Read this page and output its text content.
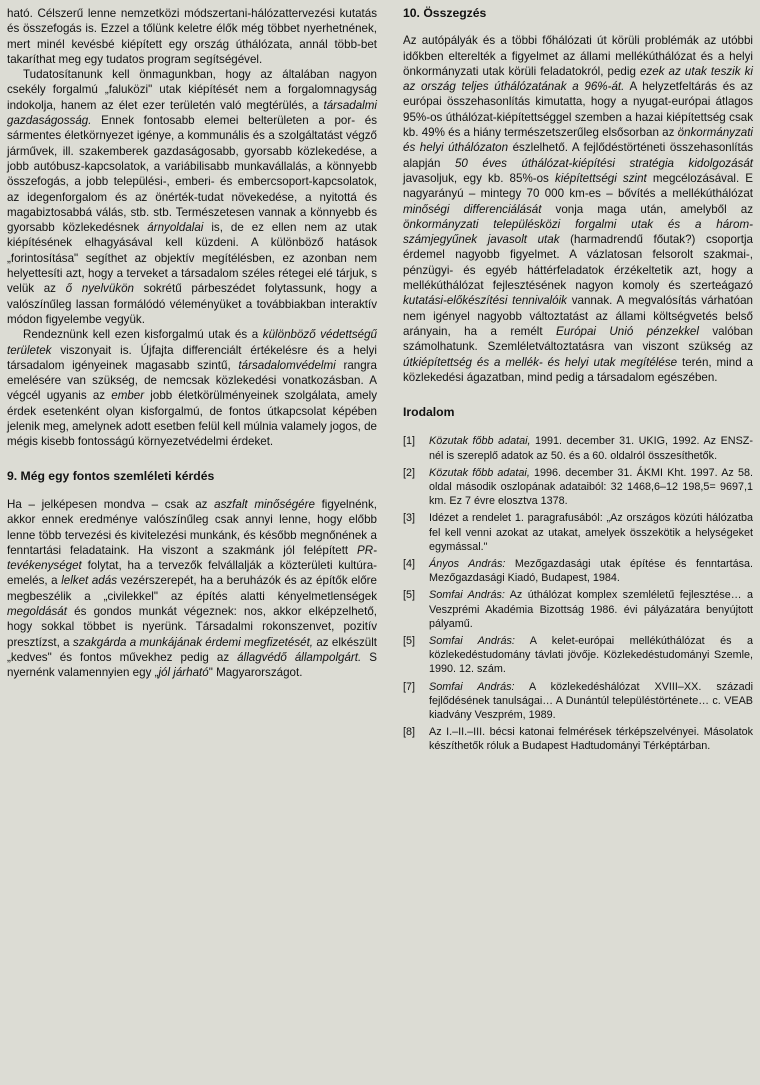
ható. Célszerű lenne nemzetközi módszertani-hálózattervezési kutatás és összefogás is. Ezzel a tőlünk keletre élők még többet nyerhetnének, mert minél kevésbé kiépített egy ország úthálózata, annál több-bet takaríthat meg egy tudatos program segítségével.

Tudatosítanunk kell önmagunkban, hogy az általában nagyon csekély forgalmú „faluközi" utak kiépítését nem a forgalomnagyság indokolja, hanem az élet ezer területén való megtérülés, a társadalmi gazdaságosság. Ennek fontosabb elemei belterületen a por- és sármentes életkörnyezet igénye, a kommunális és a szolgáltatást végző járművek, ill. szakemberek gazdaságosabb, gyorsabb közlekedése, a jobb autóbusz-kapcsolatok, a variábilisabb munkavállalás, a könnyebb összefogás, a jobb települési-, emberi- és embercsoport-kapcsolatok, az idegenforgalom és az önérték-tudat növekedése, a nyitottá és magabiztosabbá válás, stb. stb. Természetesen vannak a könnyebb és gyorsabb közlekedésnek árnyoldalai is, de ez ellen nem az utak kiépítésének elhagyásával kell küzdeni. A különböző hatások „forintosítása" segíthet az objektív megítélésben, ez azonban nem helyettesíti azt, hogy a terveket a társadalom széles rétegei elé tárjuk, s velük az ő nyelvükön sokrétű párbeszédet folytassunk, hogy a valószínűleg lassan formálódó véleményüket a továbbiakban interaktív módon figyelembe vegyük.

Rendeznünk kell ezen kisforgalmú utak és a különböző védettségű területek viszonyait is. Újfajta differenciált értékelésre és a helyi társadalom igényeinek magasabb szintű, társadalomvédelmi rangra emelésére van szükség, de nemcsak közlekedési vonatkozásban. A végcél ugyanis az ember jobb életkörülményeinek szolgálata, amely érdek esetenként olyan kisforgalmú, de fontos útkapcsolat képében jelenik meg, amelynek adott esetben felül kell múlnia valamely jogos, de mégis kisebb fontosságú környezetvédelmi érdeket.

9. Még egy fontos szemléleti kérdés

Ha – jelképesen mondva – csak az aszfalt minőségére figyelnénk, akkor ennek eredménye valószínűleg csak annyi lenne, hogy előbb lenne több tervezési és kivitelezési munkánk, és később megnőnének a fenntartási feladataink. Ha viszont a szakmánk jól felépített PR-tevékenységet folytat, ha a tervezők felvállalják a közterületi kultúra-emelés, a lelket adás vezérszerepét, ha a beruházók és az építők előre megbeszélik a „civilekkel" az építés alatti kényelmetlenségek megoldását és gondos munkát végeznek: nos, akkor elképzelhető, hogy sokkal többet is nyerünk. Társadalmi rokonszenvet, pozitív presztízst, a szakgárda a munkájának érdemi megfizetését, az elkészült „kedves" és fontos művekhez pedig az állagvédő állampolgárt. S nyernénk valamennyien egy „jól járható" Magyarországot.

10. Összegzés

Az autópályák és a többi főhálózati út körüli problémák az utóbbi időkben elterelték a figyelmet az állami mellékúthálózat és a helyi önkormányzati utak körüli feladatokról, pedig ezek az utak teszik ki az ország teljes úthálózatának a 96%-át. A helyzetfeltárás és az európai összehasonlítás kimutatta, hogy a nyugat-európai átlagos 95%-os úthálózat-kiépítettséggel szemben a hazai kiépítettség csak kb. 49% és a hiány természetszerűleg elsősorban az önkormányzati és helyi úthálózaton észlelhető. A fejlődéstörténeti összehasonlítás alapján 50 éves úthálózat-kiépítési stratégia kidolgozását javasoljuk, egy kb. 85%-os kiépítettségi szint megcélozásával. E nagyarányú – mintegy 70 000 km-es – bővítés a mellékúthálózat minőségi differenciálását vonja maga után, amelyből az önkormányzati településközi forgalmi utak és a három-számjegyűnek javasolt utak (harmadrendű főutak?) csoportja érdemel nagyobb figyelmet. A vázlatosan felsorolt szakmai-, pénzügyi- és egyéb háttérfeladatok érzékeltetik azt, hogy a mellékúthálózat fejlesztésének nagyon komoly és szerteágazó kutatási-előkészítési tennivalóik vannak. A megvalósítás várhatóan nem igényel nagyobb változtatást az állami költségvetés belső arányain, ha a remélt Európai Unió pénzekkel valóban számolhatunk. Szemléletváltoztatásra van viszont szükség az útkiépítettség és a mellék- és helyi utak megítélése terén, mind a közlekedési ágazatban, mind pedig a társadalom egészében.

Irodalom
[1] Közutak főbb adatai, 1991. december 31. UKIG, 1992. Az ENSZ-nél is szereplő adatok az 50. és a 60. oldalról összesíthetők.
[2] Közutak főbb adatai, 1996. december 31. ÁKMI Kht. 1997. Az 58. oldal második oszlopának adataiból: 32 1468,6–12 198,5= 9697,1 km. Ez 7 évre elosztva 1378.
[3] Idézet a rendelet 1. paragrafusából: „Az országos közúti hálózatba fel kell venni azokat az utakat, amelyek összekötik a helységeket egymással."
[4] Ányos András: Mezőgazdasági utak építése és fenntartása. Mezőgazdasági Kiadó, Budapest, 1984.
[5] Somfai András: Az úthálózat komplex szemléletű fejlesztése… a Veszprémi Akadémia Bizottság 1986. évi pályázatára benyújtott pályamű.
[5] Somfai András: A kelet-európai mellékúthálózat és a közlekedéstudomány távlati jövője. Közlekedéstudományi Szemle, 1990. 12. szám.
[7] Somfai András: A közlekedéshálózat XVIII–XX. századi fejlődésének tanulságai… A Dunántúl településtörténete… c. VEAB kiadvány Veszprém, 1989.
[8] Az I.–II.–III. bécsi katonai felmérések térképszelvényei. Másolatok készíthetők róluk a Budapest Hadtudományi Térképtárban.
